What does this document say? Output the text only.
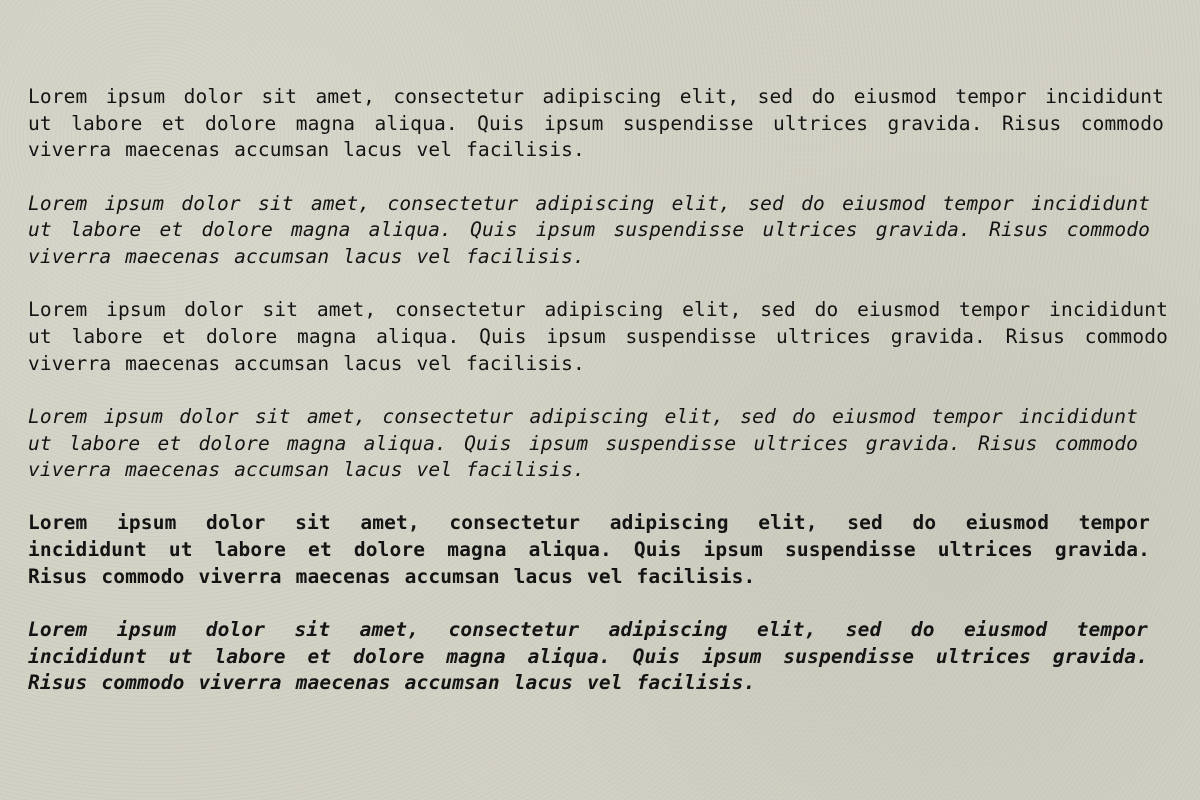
Lorem ipsum dolor sit amet, consectetur adipiscing elit, sed do eiusmod tempor incididunt
ut labore et dolore magna aliqua. Quis ipsum suspendisse ultrices gravida. Risus commodo
viverra maecenas accumsan lacus vel facilisis.

Lorem ipsum dolor sit amet, consectetur adipiscing elit, sed do eiusmod tempor incididunt
ut labore et dolore magna aliqua. Quis ipsum suspendisse ultrices gravida. Risus commodo
viverra maecenas accumsan lacus vel facilisis.

Lorem ipsum dolor sit amet, consectetur adipiscing elit, sed do eiusmod tempor incididunt
ut labore et dolore magna aliqua. Quis ipsum suspendisse ultrices gravida. Risus commodo
viverra maecenas accumsan lacus vel facilisis.

Lorem ipsum dolor sit amet, consectetur adipiscing elit, sed do eiusmod tempor incididunt
ut labore et dolore magna aliqua. Quis ipsum suspendisse ultrices gravida. Risus commodo
viverra maecenas accumsan lacus vel facilisis.

Lorem ipsum dolor sit amet, consectetur adipiscing elit, sed do eiusmod tempor
incididunt ut labore et dolore magna aliqua. Quis ipsum suspendisse ultrices gravida.
Risus commodo viverra maecenas accumsan lacus vel facilisis.

Lorem ipsum dolor sit amet, consectetur adipiscing elit, sed do eiusmod tempor
incididunt ut labore et dolore magna aliqua. Quis ipsum suspendisse ultrices gravida.
Risus commodo viverra maecenas accumsan lacus vel facilisis.
